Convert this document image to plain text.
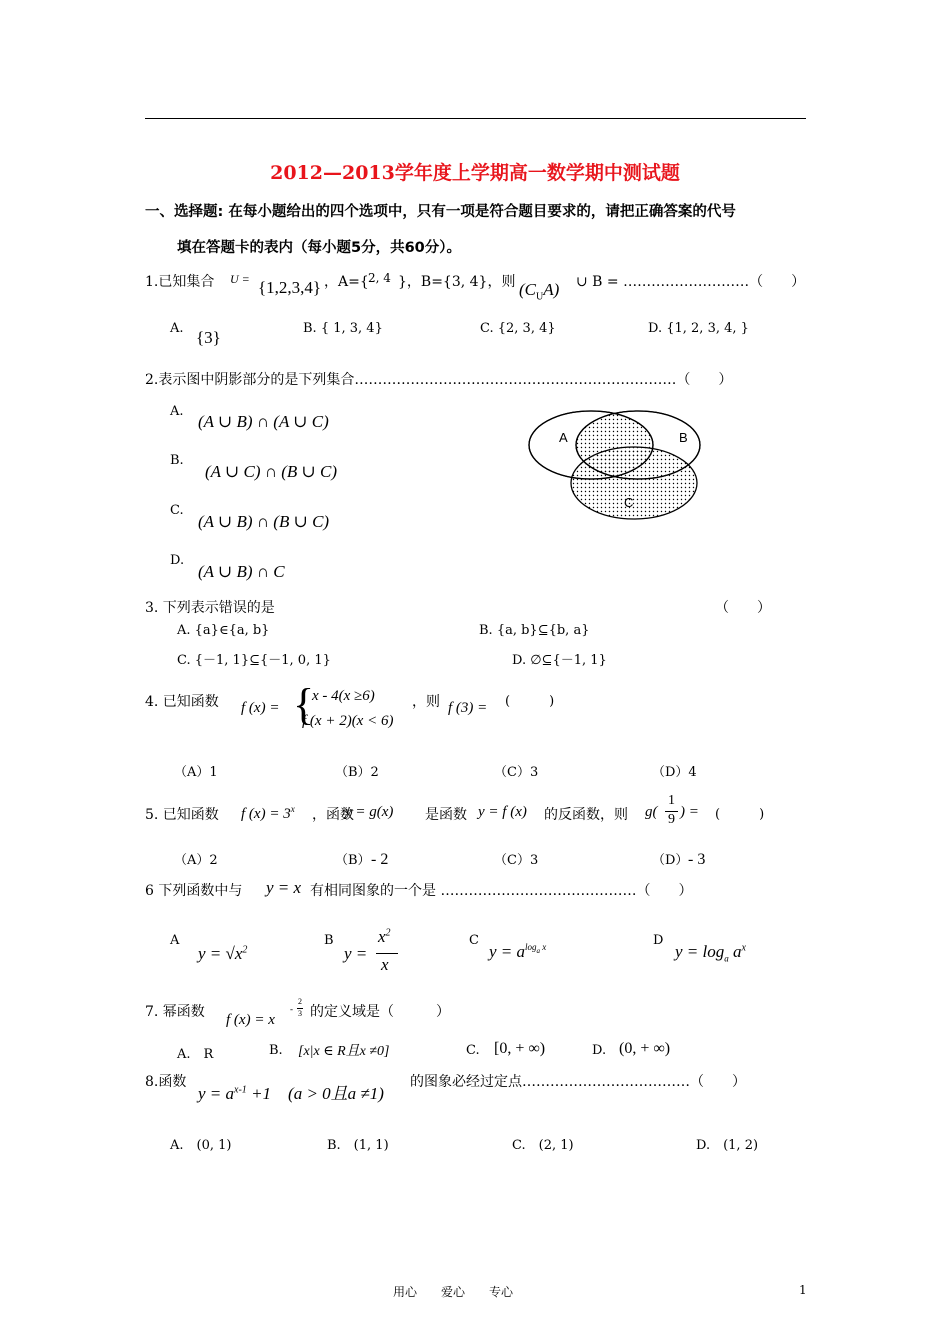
2012—2013学年度上学期高一数学期中测试题
一、选择题: 在每小题给出的四个选项中，只有一项是符合题目要求的，请把正确答案的代号
填在答题卡的表内（每小题5分，共60分）。
1.已知集合 U = {1,2,3,4} ，A={ 2, 4 }，B={3, 4}，则 $(C_UA)$ ∪ B = ………………………（　　）
A. {3}	B. { 1, 3, 4}	C. {2, 3, 4}	D. {1, 2, 3, 4, }
2.表示图中阴影部分的是下列集合……………………………………………………………（　　）
A.
(A ∪ B) ∩ (A ∪ C)
B.
(A ∪ C) ∩ (B ∪ C)
C.
(A ∪ B) ∩ (B ∪ C)
D.
(A ∪ B) ∩ C
A	B
C
3. 下列表示错误的是	（　　）
A. {a}∈{a, b}	B. {a, b}⊆{b, a}
C. {－1, 1}⊆{－1, 0, 1}	D. ∅⊆{－1, 1}
4. 已知函数 f (x) = {
x - 4(x ≥6)
f (x + 2)(x < 6)
，则 f (3) = (　　　)
（A）1	（B）2	（C）3	（D）4
5. 已知函数 f $(x) = 3^x$ ，函数
y = g(x) 是函数 y = f (x) 的反函数，则 g(
1
9 ) = (　　　)
（A）2	（B） - 2	（C）3	（D） - 3
6 下列函数中与 y = x 有相同图象的一个是 ……………………………………（　　）
A
$y = √x^2$
B
y =
$x^2$
x
C
$y = a^{log_a x}$	D
$y = \log_a a^x$
7. 幂函数 f (x) = x
-
2
3 的定义域是（　　　）
A.　R	B. [x|x ∈ R且x ≠0]	C. [0, + ∞)	D. (0, + ∞)
8.函数
$y = a^{x-1} +1$　(a > 0且a ≠1)
的图象必经过定点………………………………（　　）
A.　(0, 1)	B.　(1, 1)	C.　(2, 1)	D.　(1, 2)
用心　　爱心　　专心	1
